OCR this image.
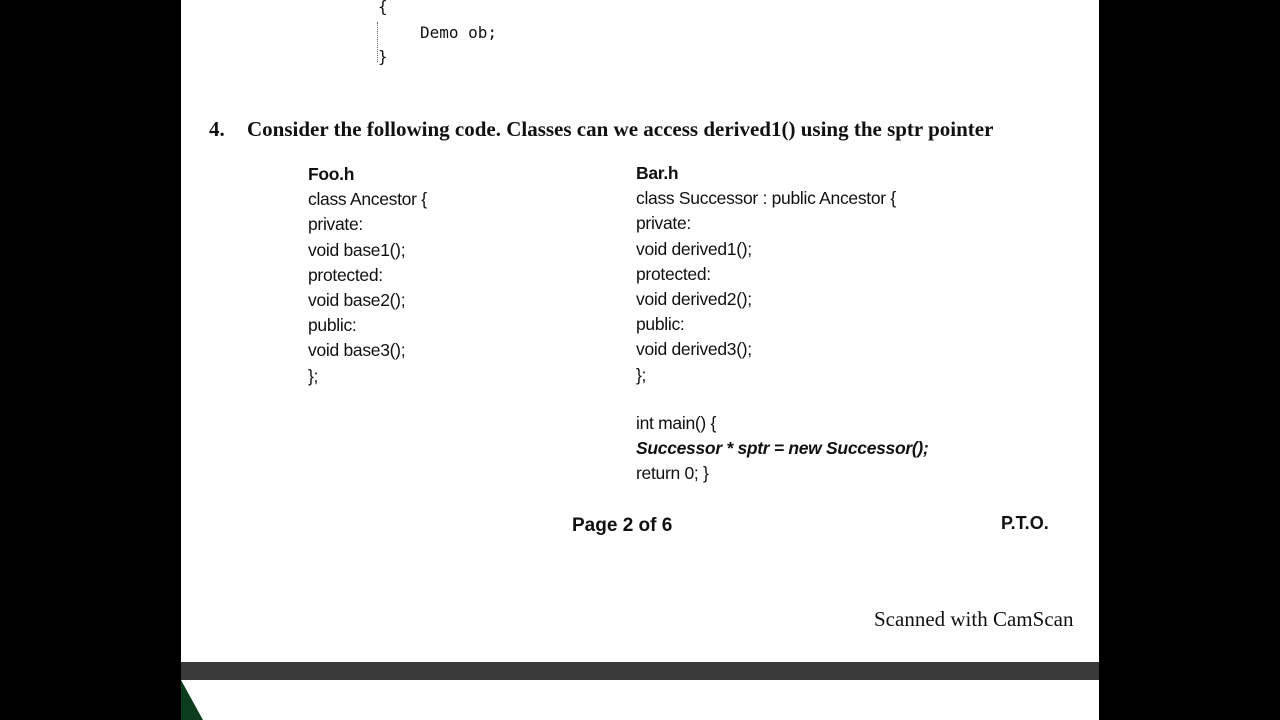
{
Demo ob;
}
4. Consider the following code. Classes can we access derived1() using the sptr pointer
Foo.h
class Ancestor {
private:
void base1();
protected:
void base2();
public:
void base3();
};
Bar.h
class Successor : public Ancestor {
private:
void derived1();
protected:
void derived2();
public:
void derived3();
};
int main() {
Successor * sptr = new Successor();
return 0; }
Page 2 of 6	P.T.O.
Scanned with CamScan
